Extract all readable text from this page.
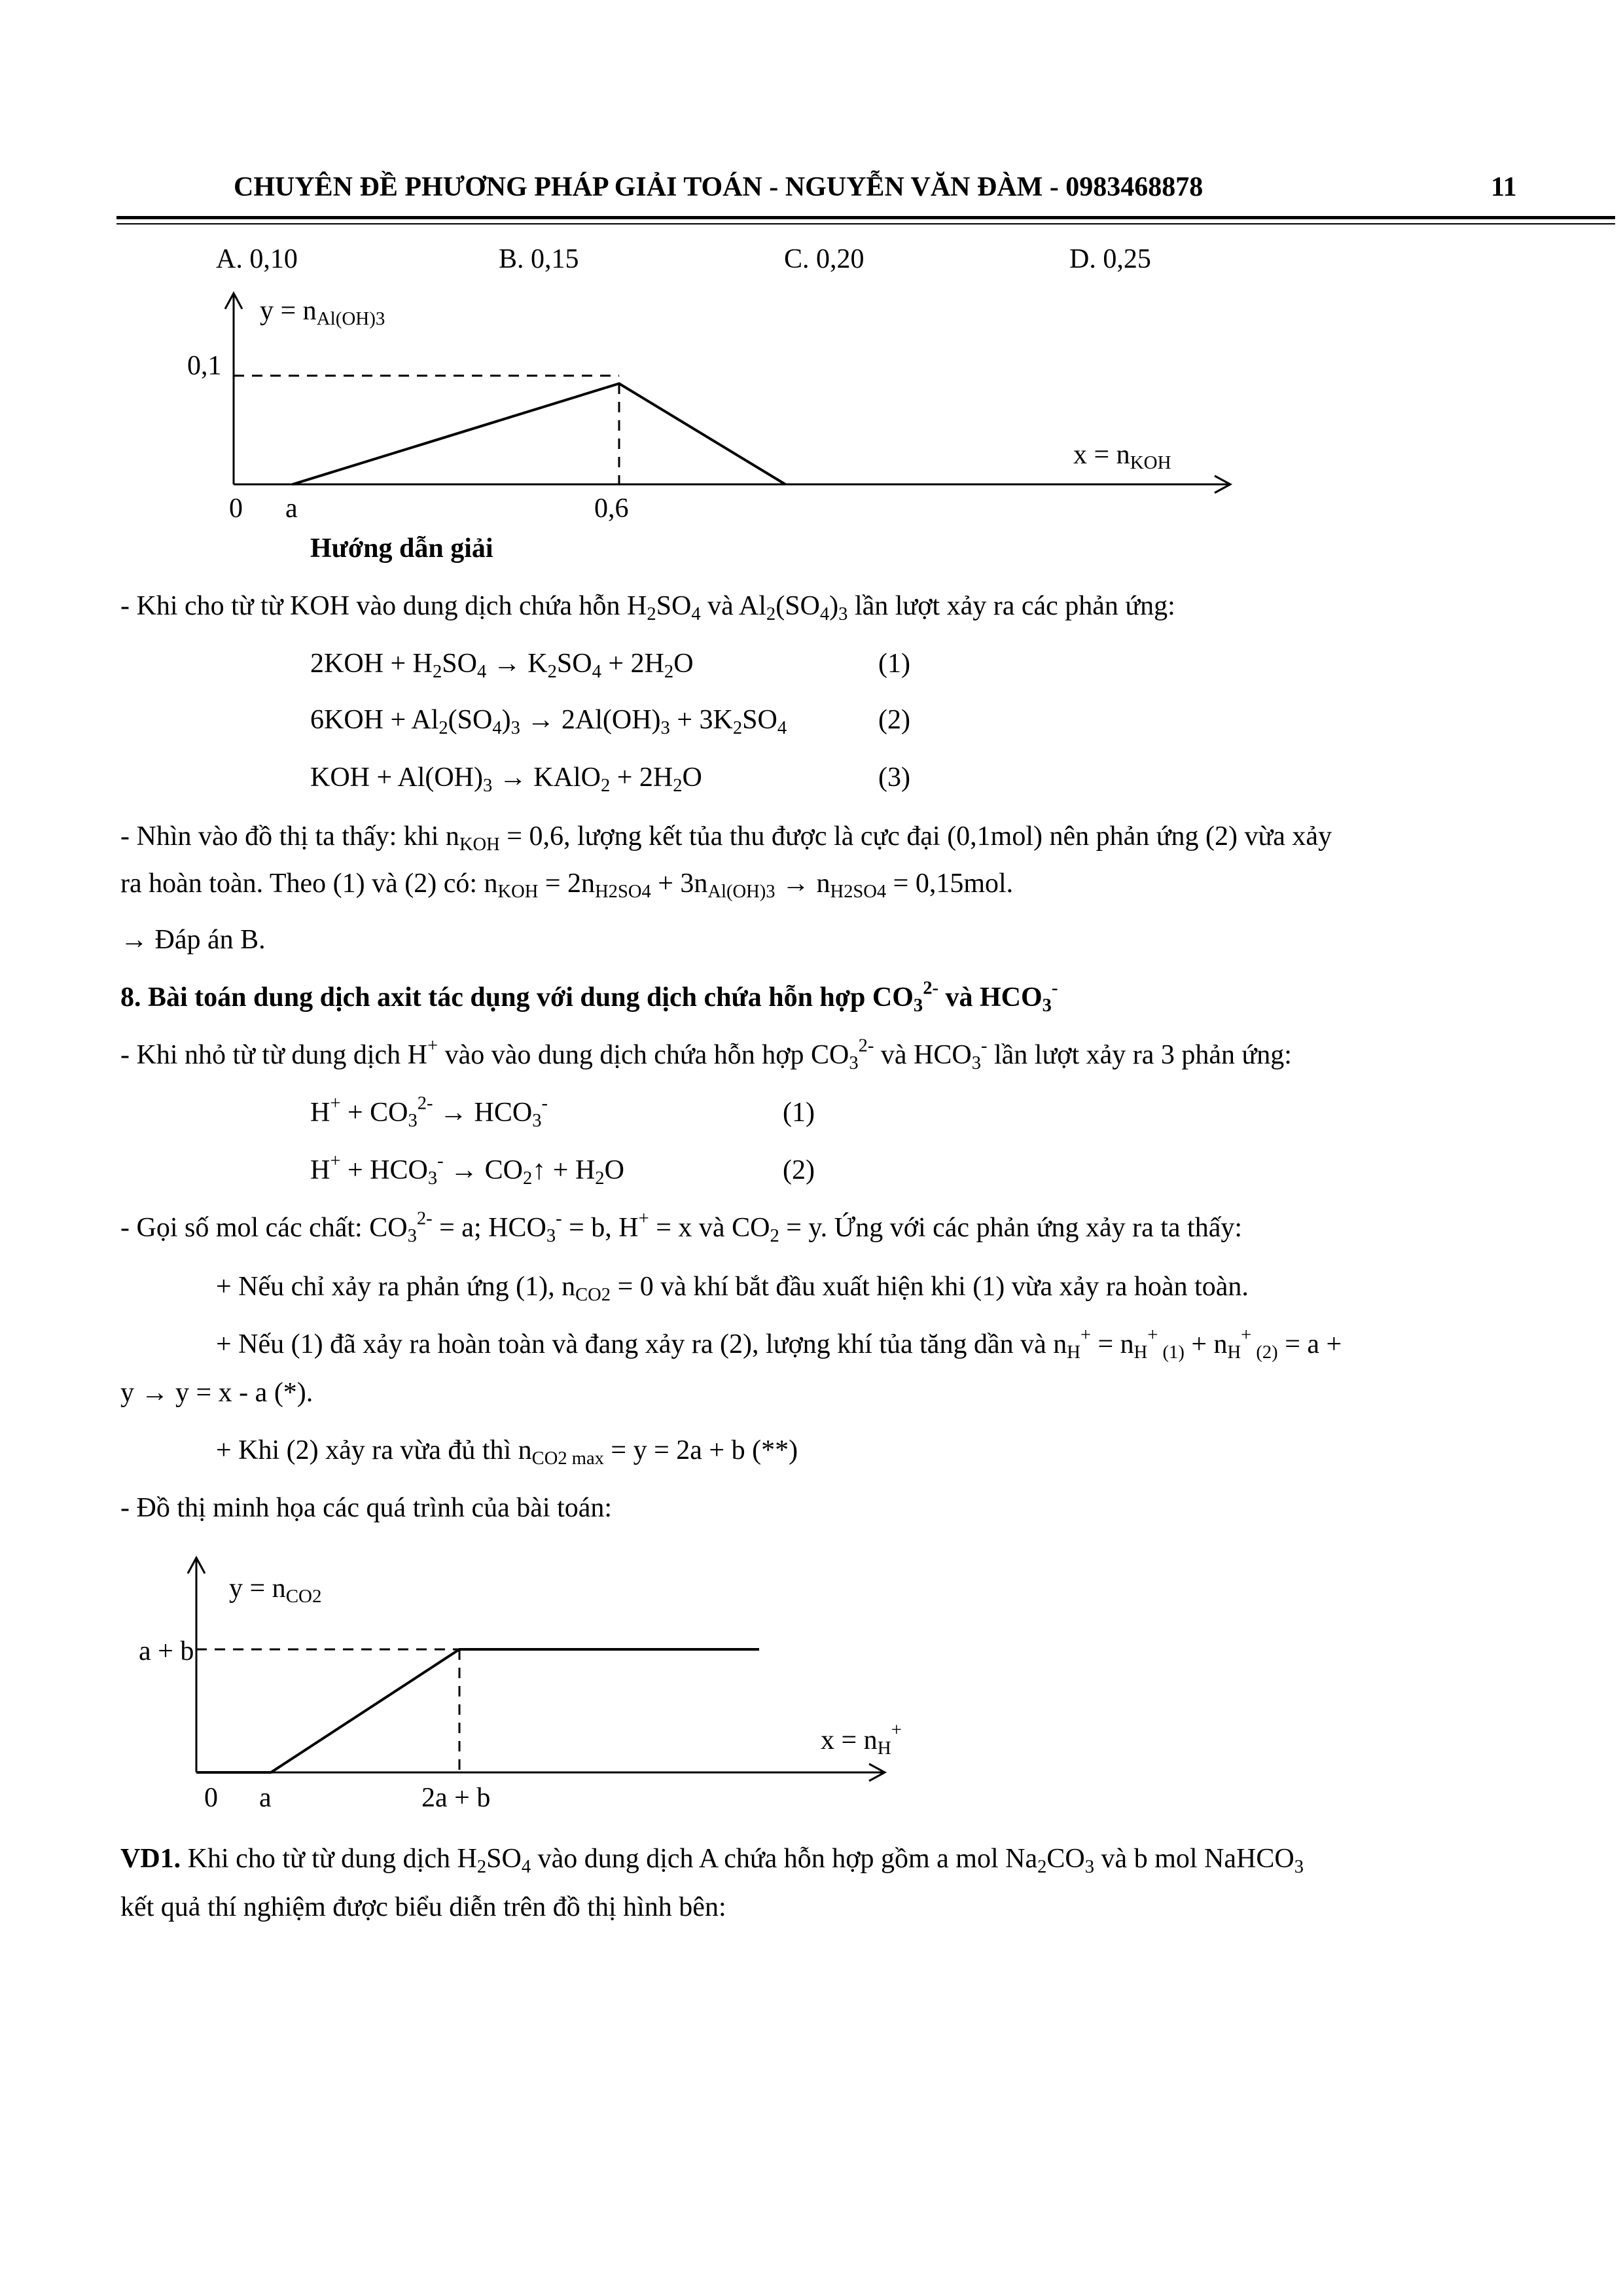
CHUYÊN ĐỀ PHƯƠNG PHÁP GIẢI TOÁN - NGUYỄN VĂN ĐÀM - 0983468878	11
A. 0,10	B. 0,15	C. 0,20	D. 0,25
y = nAl(OH)3
0,1
x = nKOH
0 a	0,6
Hướng dẫn giải
- Khi cho từ từ KOH vào dung dịch chứa hỗn $H_2SO_4$ và $Al_2(SO_4)_3$ lần lượt xảy ra các phản ứng:
$2KOH + H_2SO_4 \to K_2SO_4 + 2H_2O$	(1)
$6KOH + Al_2(SO_4)_3 \to 2Al(OH)_3 + 3K_2SO_4$	(2)
KOH + $Al(OH)_3$ → KAlO$_2$ + $2H_2O$	(3)
- Nhìn vào đồ thị ta thấy: khi $n_{KOH} = 0,6$, lượng kết tủa thu được là cực đại (0,1mol) nên phản ứng (2) vừa xảy
ra hoàn toàn. Theo (1) và (2) có: $n_{KOH} = 2n_{H2SO4} + 3n_{Al(OH)3} \to n_{H2SO4} = 0,15mol$.
→ Đáp án B.
8. Bài toán dung dịch axit tác dụng với dung dịch chứa hỗn hợp $CO_3^{2-}$ và $HCO_3^-$
- Khi nhỏ từ từ dung dịch H+ vào vào dung dịch chứa hỗn hợp $CO_3^{2-}$ và $HCO_3^-$ lần lượt xảy ra 3 phản ứng:
$H^+ + CO_3^{2-} \to HCO_3^-$	(1)
$H^+ + HCO_3^-$ → $CO_2↑ + H_2O$	(2)
- Gọi số mol các chất: $CO_3^{2-} = a$; $HCO_3^- = b$, H+ = x và $CO_2 = y$. Ứng với các phản ứng xảy ra ta thấy:
+ Nếu chỉ xảy ra phản ứng (1), $n_{CO2} = 0$ và khí bắt đầu xuất hiện khi (1) vừa xảy ra hoàn toàn.
+ Nếu (1) đã xảy ra hoàn toàn và đang xảy ra (2), lượng khí tủa tăng dần và $n_H^+ = n_H^+$ $_{(1)} + n_H^+$ $_{(2)}$ = a +
y → y = x - a (*).
+ Khi (2) xảy ra vừa đủ thì $n_{CO2 max} = y = 2a + b$ (**)
- Đồ thị minh họa các quá trình của bài toán:
y = nCO2
a + b
x = nH+
0 a	2a + b
VD1. Khi cho từ từ dung dịch $H_2SO_4$ vào dung dịch A chứa hỗn hợp gồm a mol $Na_2CO_3$ và b mol NaHCO$_3$
kết quả thí nghiệm được biểu diễn trên đồ thị hình bên:
